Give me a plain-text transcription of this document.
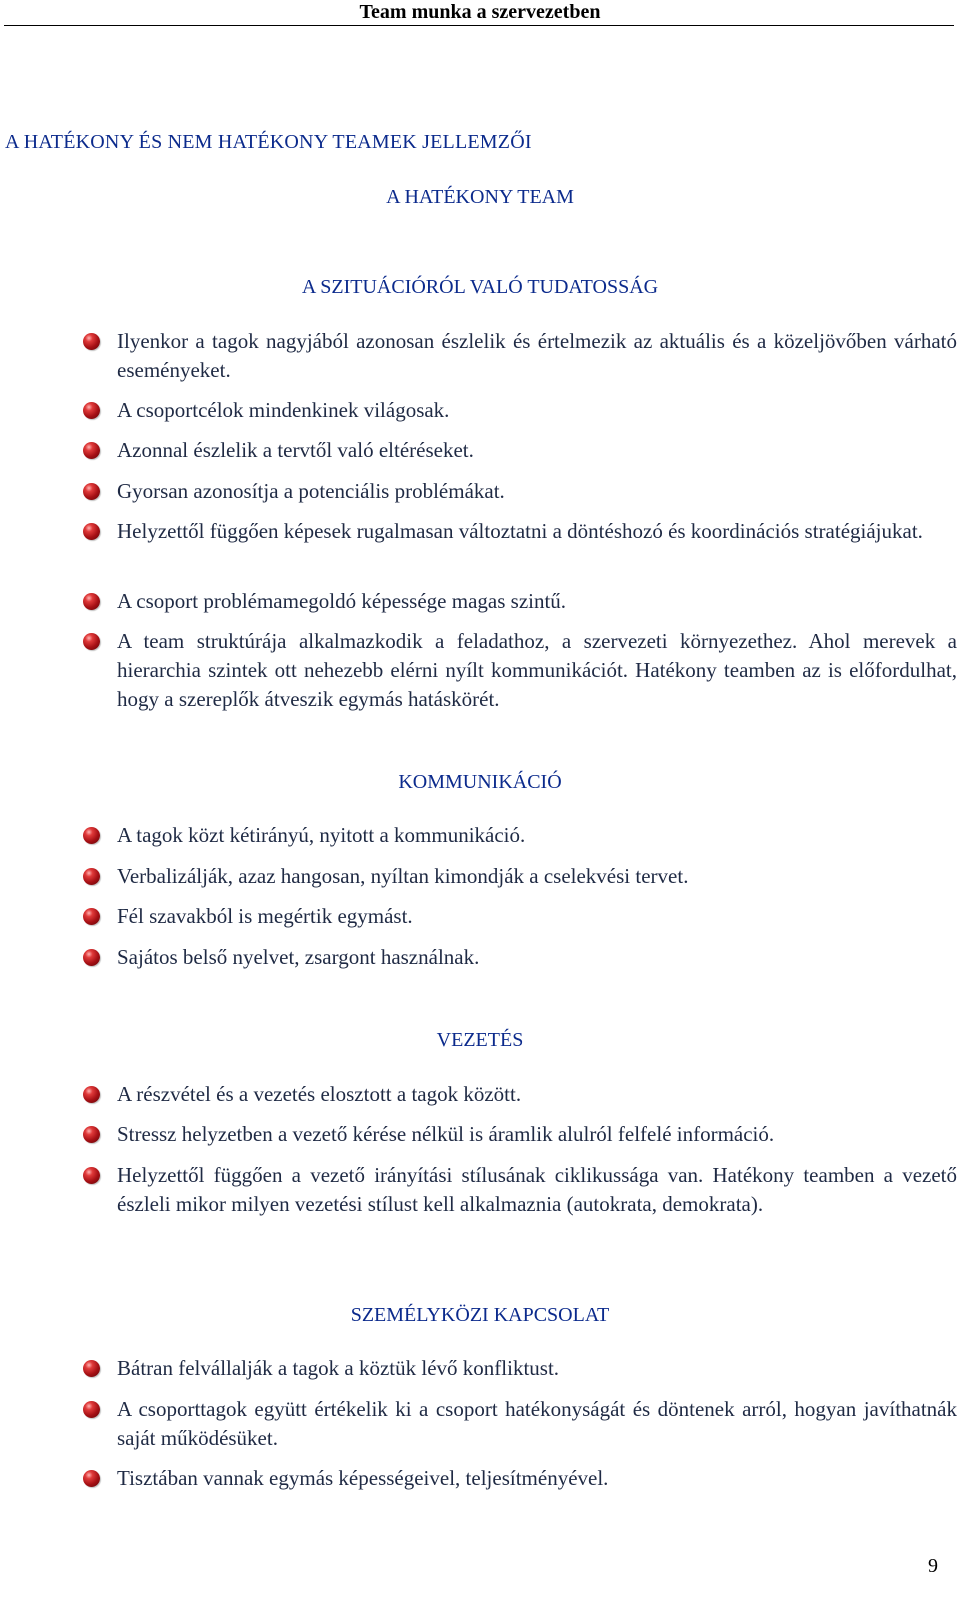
Team munka a szervezetben
A HATÉKONY ÉS NEM HATÉKONY TEAMEK JELLEMZŐI
A HATÉKONY TEAM
A SZITUÁCIÓRÓL VALÓ TUDATOSSÁG
Ilyenkor a tagok nagyjából azonosan észlelik és értelmezik az aktuális és a közeljövőben várható eseményeket.
A csoportcélok mindenkinek világosak.
Azonnal észlelik a tervtől való eltéréseket.
Gyorsan azonosítja a potenciális problémákat.
Helyzettől függően képesek rugalmasan változtatni a döntéshozó és koordinációs stratégiájukat.
A csoport problémamegoldó képessége magas szintű.
A team struktúrája alkalmazkodik a feladathoz, a szervezeti környezethez. Ahol merevek a hierarchia szintek ott nehezebb elérni nyílt kommunikációt. Hatékony teamben az is előfordulhat, hogy a szereplők átveszik egymás hatáskörét.
KOMMUNIKÁCIÓ
A tagok közt kétirányú, nyitott a kommunikáció.
Verbalizálják, azaz hangosan, nyíltan kimondják a cselekvési tervet.
Fél szavakból is megértik egymást.
Sajátos belső nyelvet, zsargont használnak.
VEZETÉS
A részvétel és a vezetés elosztott a tagok között.
Stressz helyzetben a vezető kérése nélkül is áramlik alulról felfelé információ.
Helyzettől függően a vezető irányítási stílusának ciklikussága van. Hatékony teamben a vezető észleli mikor milyen vezetési stílust kell alkalmaznia (autokrata, demokrata).
SZEMÉLYKÖZI KAPCSOLAT
Bátran felvállalják a tagok a köztük lévő konfliktust.
A csoporttagok együtt értékelik ki a csoport hatékonyságát és döntenek arról, hogyan javíthatnák saját működésüket.
Tisztában vannak egymás képességeivel, teljesítményével.
9
